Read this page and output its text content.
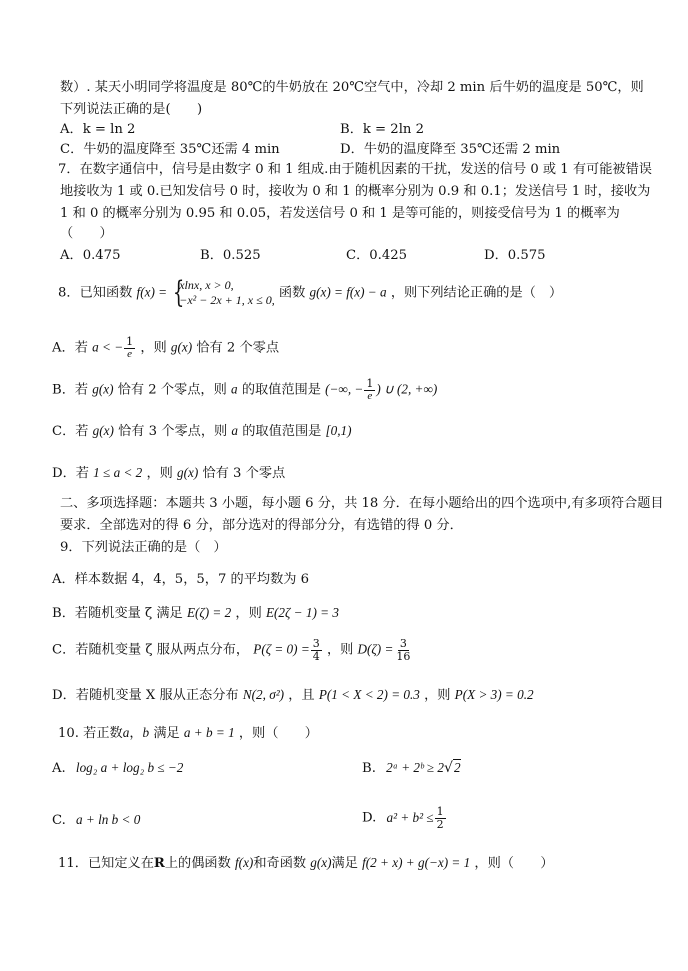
数）. 某天小明同学将温度是 80℃的牛奶放在 20℃空气中，冷却 2 min 后牛奶的温度是 50℃，则
下列说法正确的是(　　)
A．k = ln 2	B．k = 2ln 2
C．牛奶的温度降至 35℃还需 4 min	D．牛奶的温度降至 35℃还需 2 min
7．在数字通信中，信号是由数字 0 和 1 组成.由于随机因素的干扰，发送的信号 0 或 1 有可能被错误
地接收为 1 或 0.已知发信号 0 时，接收为 0 和 1 的概率分别为 0.9 和 0.1；发送信号 1 时，接收为
1 和 0 的概率分别为 0.95 和 0.05，若发送信号 0 和 1 是等可能的，则接受信号为 1 的概率为
（　　）
A．0.475	B．0.525	C．0.425	D．0.575
8．已知函数 f(x) =
{ xlnx, x > 0,
−x² − 2x + 1, x ≤ 0, 函数 g(x) = f(x) − a ，则下列结论正确的是（　）
A．若 a < − $\frac{1}{e}$ ，则 g(x) 恰有 2 个零点
B．若 g(x) 恰有 2 个零点，则 a 的取值范围是 (−∞, − $\frac{1}{e}$ ) ∪ (2, +∞)
C．若 g(x) 恰有 3 个零点，则 a 的取值范围是 [0,1)
D．若 1 ≤ a < 2 ，则 g(x) 恰有 3 个零点
二、多项选择题：本题共 3 小题，每小题 6 分，共 18 分．在每小题给出的四个选项中,有多项符合题目
要求．全部选对的得 6 分，部分选对的得部分分，有选错的得 0 分．
9．下列说法正确的是（　）
A．样本数据 4，4，5，5，7 的平均数为 6
B．若随机变量 ζ 满足 E(ζ) = 2 ，则 E(2ζ − 1) = 3
C．若随机变量 ζ 服从两点分布， $P(\zeta = 0) = \frac{3}{4}$ ，则 $D(\zeta) = \frac{3}{16}$
D．若随机变量 X 服从正态分布 N(2, σ²) ，且 P(1 < X < 2) = 0.3 ，则 P(X > 3) = 0.2
10. 若正数a，b 满足 a + b = 1 ，则（　　）
A. log₂ a + log₂ b ≤ −2	B. 2ᵃ + 2ᵇ ≥ 2√2
C. a + ln b < 0	D. $a^2 + b^2 \le \frac{1}{2}$
11．已知定义在R上的偶函数 f(x)和奇函数 g(x)满足 f(2 + x) + g(−x) = 1 ，则（　　）
